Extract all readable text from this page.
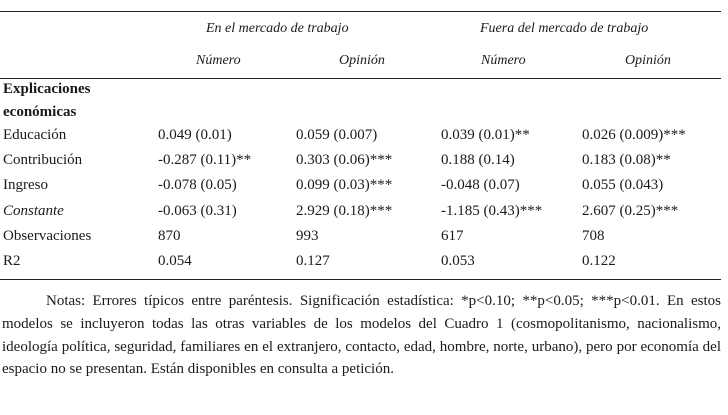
En el mercado de trabajo	Fuera del mercado de trabajo
Número	Opinión	Número	Opinión
Explicaciones
económicas
Educación	0.049 (0.01)	0.059 (0.007)	0.039 (0.01)**	0.026 (0.009)***
Contribución	-0.287 (0.11)**	0.303 (0.06)***	0.188 (0.14)	0.183 (0.08)**
Ingreso	-0.078 (0.05)	0.099 (0.03)***	-0.048 (0.07)	0.055 (0.043)
Constante	-0.063 (0.31)	2.929 (0.18)***	-1.185 (0.43)***	2.607 (0.25)***
Observaciones	870	993	617	708
R2	0.054	0.127	0.053	0.122

Notas: Errores típicos entre paréntesis. Significación estadística: *p<0.10; **p<0.05; ***p<0.01. En estos modelos se incluyeron todas las otras variables de los modelos del Cuadro 1 (cosmopolitanismo, nacionalismo, ideología política, seguridad, familiares en el extranjero, contacto, edad, hombre, norte, urbano), pero por economía del espacio no se presentan. Están disponibles en consulta a petición.
